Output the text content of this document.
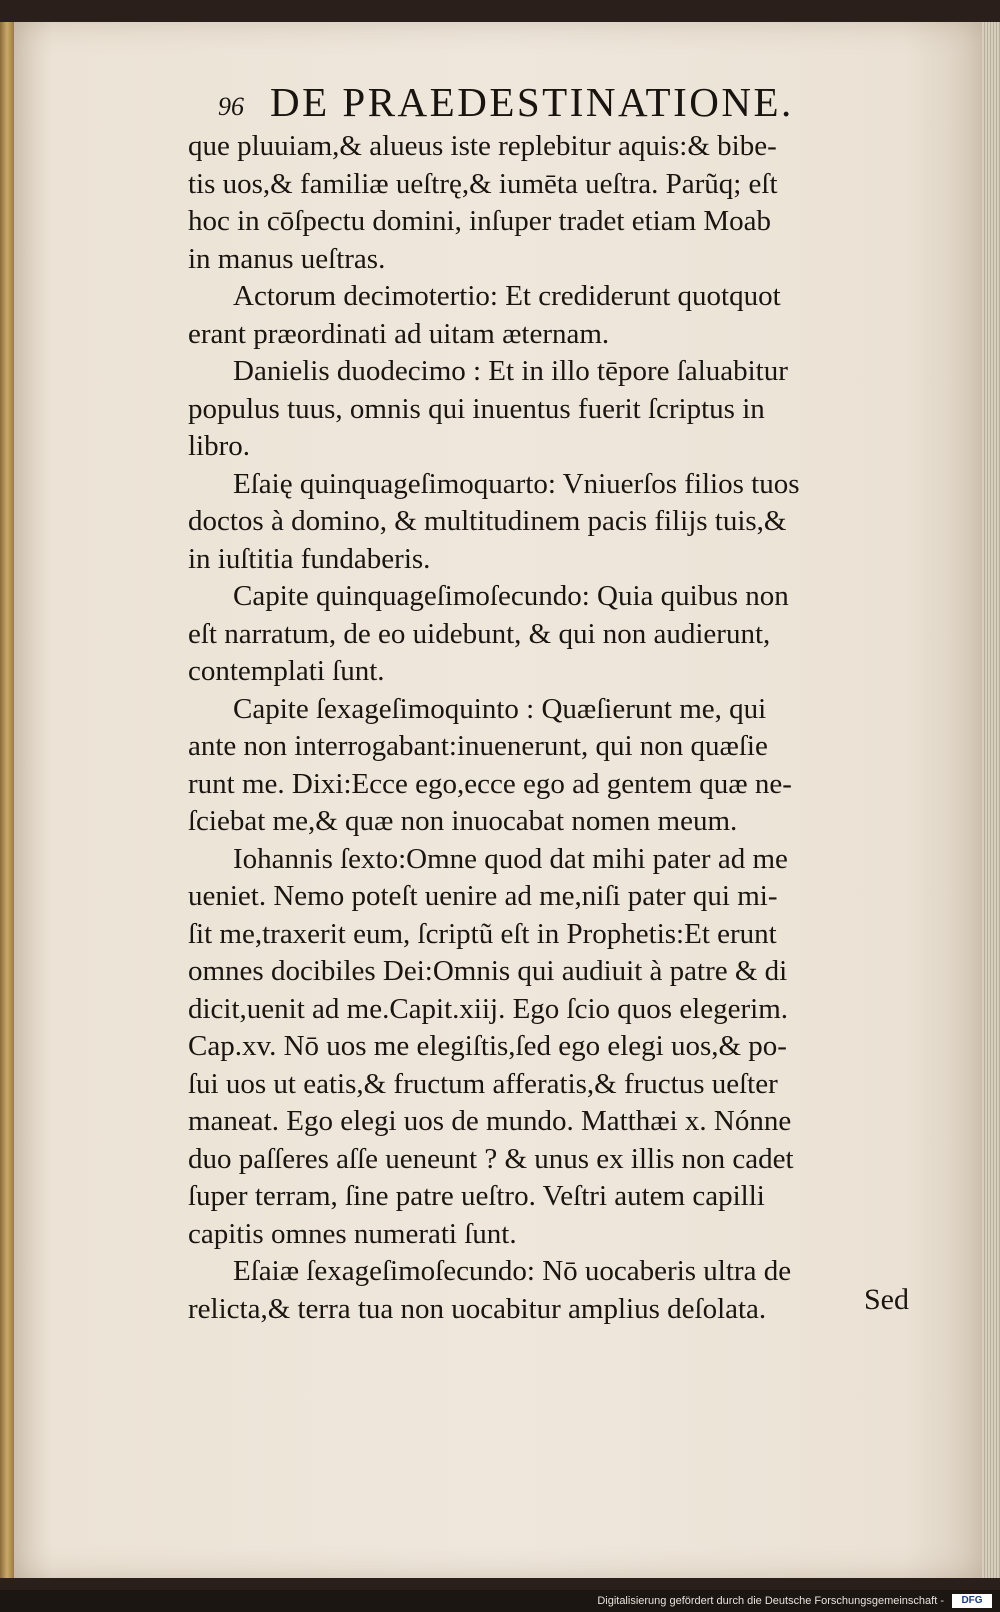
96 DE PRAEDESTINATIONE.
que pluuiam,& alueus iste replebitur aquis:& bibe-
tis uos,& familiæ ueſtrę,& iumēta ueſtra. Parũq; eſt
hoc in cōſpectu domini, inſuper tradet etiam Moab
in manus ueſtras.
Actorum decimotertio: Et crediderunt quotquot
erant præordinati ad uitam æternam.
Danielis duodecimo : Et in illo tēpore ſaluabitur
populus tuus, omnis qui inuentus fuerit ſcriptus in
libro.
Eſaię quinquageſimoquarto: Vniuerſos filios tuos
doctos à domino, & multitudinem pacis filijs tuis,&
in iuſtitia fundaberis.
Capite quinquageſimoſecundo: Quia quibus non
eſt narratum, de eo uidebunt, & qui non audierunt,
contemplati ſunt.
Capite ſexageſimoquinto : Quæſierunt me, qui
ante non interrogabant:inuenerunt, qui non quæſie
runt me. Dixi:Ecce ego,ecce ego ad gentem quæ ne-
ſciebat me,& quæ non inuocabat nomen meum.
Iohannis ſexto:Omne quod dat mihi pater ad me
ueniet. Nemo poteſt uenire ad me,niſi pater qui mi-
ſit me,traxerit eum, ſcriptũ eſt in Prophetis:Et erunt
omnes docibiles Dei:Omnis qui audiuit à patre & di
dicit,uenit ad me.Capit.xiij. Ego ſcio quos elegerim.
Cap.xv. Nō uos me elegiſtis,ſed ego elegi uos,& po-
ſui uos ut eatis,& fructum afferatis,& fructus ueſter
maneat. Ego elegi uos de mundo. Matthæi x. Nónne
duo paſſeres aſſe ueneunt ? & unus ex illis non cadet
ſuper terram, ſine patre ueſtro. Veſtri autem capilli
capitis omnes numerati ſunt.
Eſaiæ ſexageſimoſecundo: Nō uocaberis ultra de
relicta,& terra tua non uocabitur amplius deſolata.	Sed
Digitalisierung gefördert durch die Deutsche Forschungsgemeinschaft -	DFG
